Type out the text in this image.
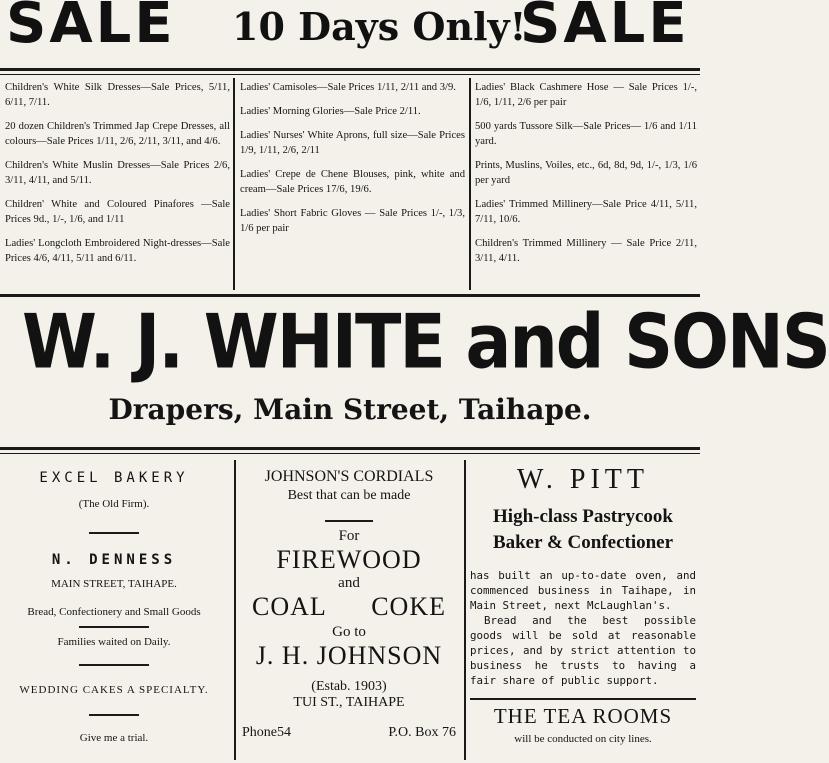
SALE 10 Days Only!
SALE
Children's White Silk Dresses—Sale Prices, 5/11, 6/11, 7/11.
20 dozen Children's Trimmed Jap Crepe Dresses, all colours—Sale Prices 1/11, 2/6, 2/11, 3/11, and 4/6.
Children's White Muslin Dresses—Sale Prices 2/6, 3/11, 4/11, and 5/11.
Children' White and Coloured Pinafores —Sale Prices 9d., 1/-, 1/6, and 1/11
Ladies' Longcloth Embroidered Night-dresses—Sale Prices 4/6, 4/11, 5/11 and 6/11.
Ladies' Camisoles—Sale Prices 1/11, 2/11 and 3/9.
Ladies' Morning Glories—Sale Price 2/11.
Ladies' Nurses' White Aprons, full size—Sale Prices 1/9, 1/11, 2/6, 2/11
Ladies' Crepe de Chene Blouses, pink, white and cream—Sale Prices 17/6, 19/6.
Ladies' Short Fabric Gloves — Sale Prices 1/-, 1/3, 1/6 per pair
Ladies' Black Cashmere Hose — Sale Prices 1/-, 1/6, 1/11, 2/6 per pair
500 yards Tussore Silk—Sale Prices— 1/6 and 1/11 yard.
Prints, Muslins, Voiles, etc., 6d, 8d, 9d, 1/-, 1/3, 1/6 per yard
Ladies' Trimmed Millinery—Sale Price 4/11, 5/11, 7/11, 10/6.
Children's Trimmed Millinery — Sale Price 2/11, 3/11, 4/11.
W. J. WHITE and SONS
Drapers, Main Street, Taihape.
EXCEL BAKERY
(The Old Firm).
N. DENNESS
MAIN STREET, TAIHAPE.
Bread, Confectionery and Small Goods
Families waited on Daily.
WEDDING CAKES A SPECIALTY.
Give me a trial.
JOHNSON'S CORDIALS
Best that can be made
For
FIREWOOD
and
COAL COKE
Go to
J. H. JOHNSON
(Estab. 1903)
TUI ST., TAIHAPE
Phone54	P.O. Box 76
W. PITT
High-class Pastrycook
Baker & Confectioner
has built an up-to-date oven, and commenced business in Taihape, in Main Street, next McLaughlan's.
Bread and the best possible goods will be sold at reasonable prices, and by strict attention to business he trusts to having a fair share of public support.
THE TEA ROOMS
will be conducted on city lines.
